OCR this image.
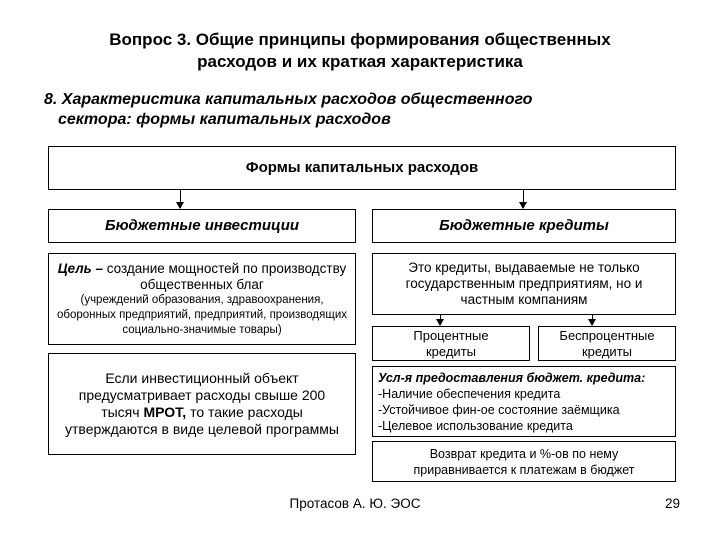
Вопрос 3. Общие принципы формирования общественных
расходов и их краткая характеристика
8. Характеристика капитальных расходов общественного
сектора: формы капитальных расходов
Формы капитальных расходов
Бюджетные инвестиции	Бюджетные кредиты
Цель – создание мощностей по производству общественных благ
(учреждений образования, здравоохранения, оборонных предприятий, предприятий, производящих социально-значимые товары)
Если инвестиционный объект предусматривает расходы свыше 200 тысяч МРОТ, то такие расходы утверждаются в виде целевой программы
Это кредиты, выдаваемые не только государственным предприятиям, но и частным компаниям
Процентные кредиты
Беспроцентные кредиты
Усл-я предоставления бюджет. кредита:
-Наличие обеспечения кредита
-Устойчивое фин-ое состояние заёмщика
-Целевое использование кредита
Возврат кредита и %-ов по нему приравнивается к платежам в бюджет
Протасов А. Ю. ЭОС	29
